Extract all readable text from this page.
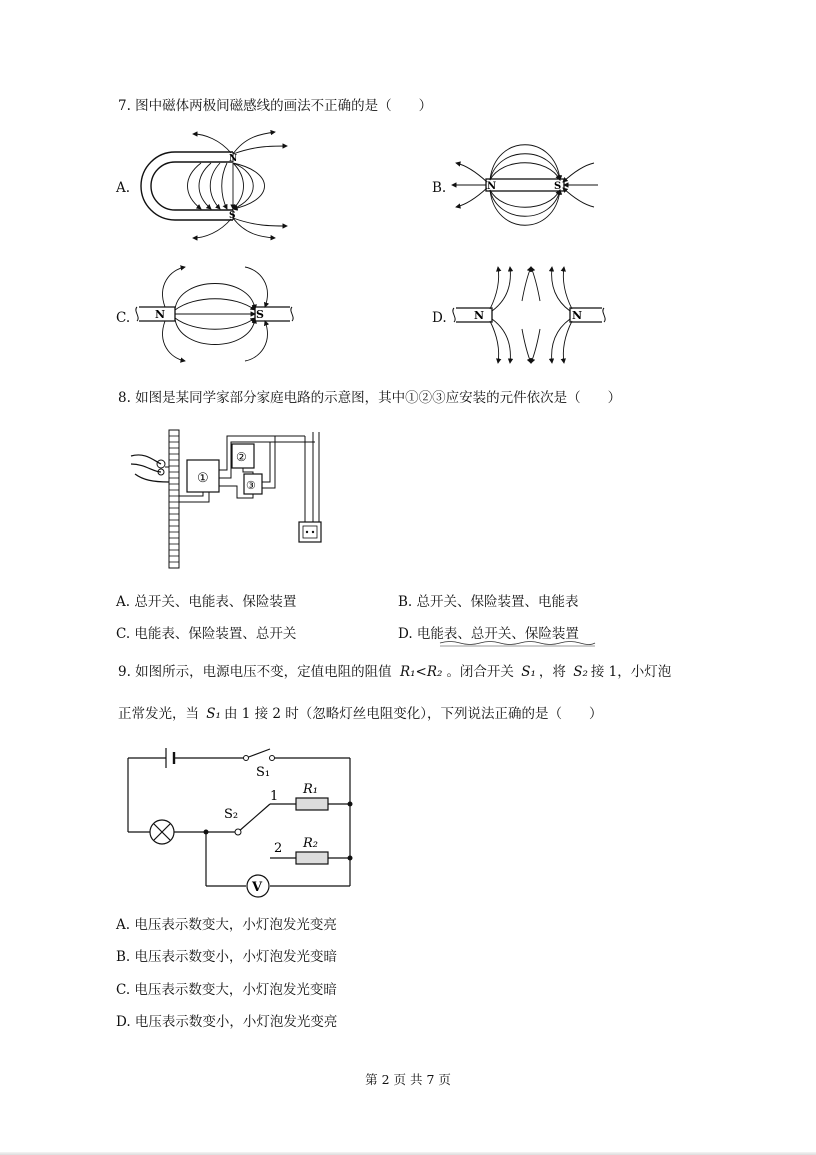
7. 图中磁体两极间磁感线的画法不正确的是（　　）
A.
N
S
B.	N	S
C. N	S	D. N	N
8. 如图是某同学家部分家庭电路的示意图，其中①②③应安装的元件依次是（　　）
①
②
③
A. 总开关、电能表、保险装置	B. 总开关、保险装置、电能表
C. 电能表、保险装置、总开关	D. 电能表、总开关、保险装置
9. 如图所示，电源电压不变，定值电阻的阻值 R₁<R₂ 。闭合开关 S₁ ，将 S₂ 接 1，小灯泡
正常发光，当 S₁ 由 1 接 2 时（忽略灯丝电阻变化），下列说法正确的是（　　）
S₁
S₂
1
2
R₁
R₂
V
A. 电压表示数变大，小灯泡发光变亮
B. 电压表示数变小，小灯泡发光变暗
C. 电压表示数变大，小灯泡发光变暗
D. 电压表示数变小，小灯泡发光变亮
第 2 页 共 7 页
